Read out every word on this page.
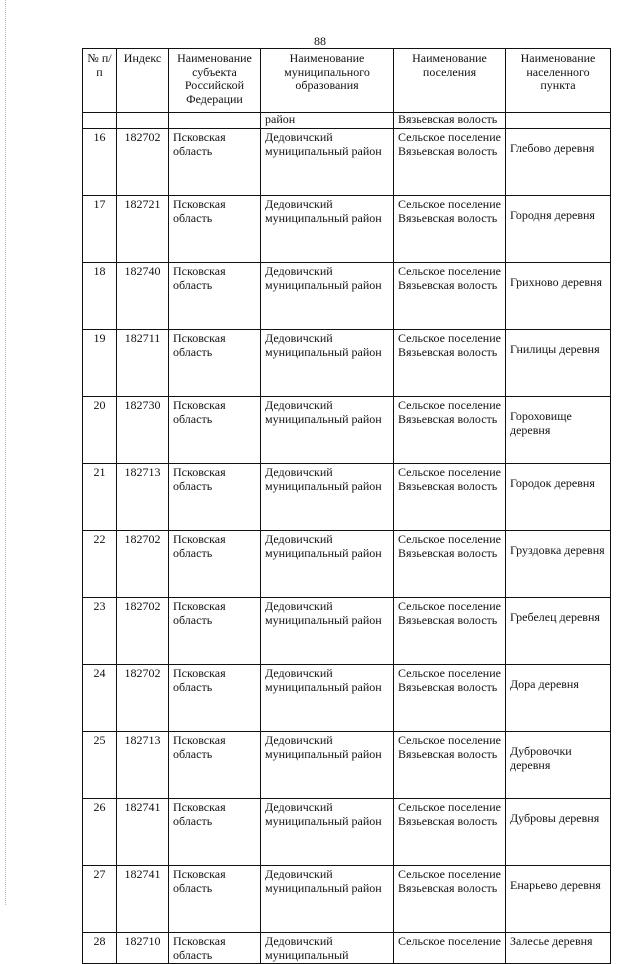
88
№ п/п	Индекс	Наименование субъекта Российской Федерации	Наименование муниципального образования	Наименование поселения	Наименование населенного пункта
			район	Вязьевская волость	
16	182702	Псковская область	Дедовичский муниципальный район	Сельское поселение Вязьевская волость	Глебово деревня
17	182721	Псковская область	Дедовичский муниципальный район	Сельское поселение Вязьевская волость	Городня деревня
18	182740	Псковская область	Дедовичский муниципальный район	Сельское поселение Вязьевская волость	Грихново деревня
19	182711	Псковская область	Дедовичский муниципальный район	Сельское поселение Вязьевская волость	Гнилицы деревня
20	182730	Псковская область	Дедовичский муниципальный район	Сельское поселение Вязьевская волость	Гороховище деревня
21	182713	Псковская область	Дедовичский муниципальный район	Сельское поселение Вязьевская волость	Городок деревня
22	182702	Псковская область	Дедовичский муниципальный район	Сельское поселение Вязьевская волость	Груздовка деревня
23	182702	Псковская область	Дедовичский муниципальный район	Сельское поселение Вязьевская волость	Гребелец деревня
24	182702	Псковская область	Дедовичский муниципальный район	Сельское поселение Вязьевская волость	Дора деревня
25	182713	Псковская область	Дедовичский муниципальный район	Сельское поселение Вязьевская волость	Дубровочки деревня
26	182741	Псковская область	Дедовичский муниципальный район	Сельское поселение Вязьевская волость	Дубровы деревня
27	182741	Псковская область	Дедовичский муниципальный район	Сельское поселение Вязьевская волость	Енарьево деревня
28	182710	Псковская область	Дедовичский муниципальный	Сельское поселение	Залесье деревня
